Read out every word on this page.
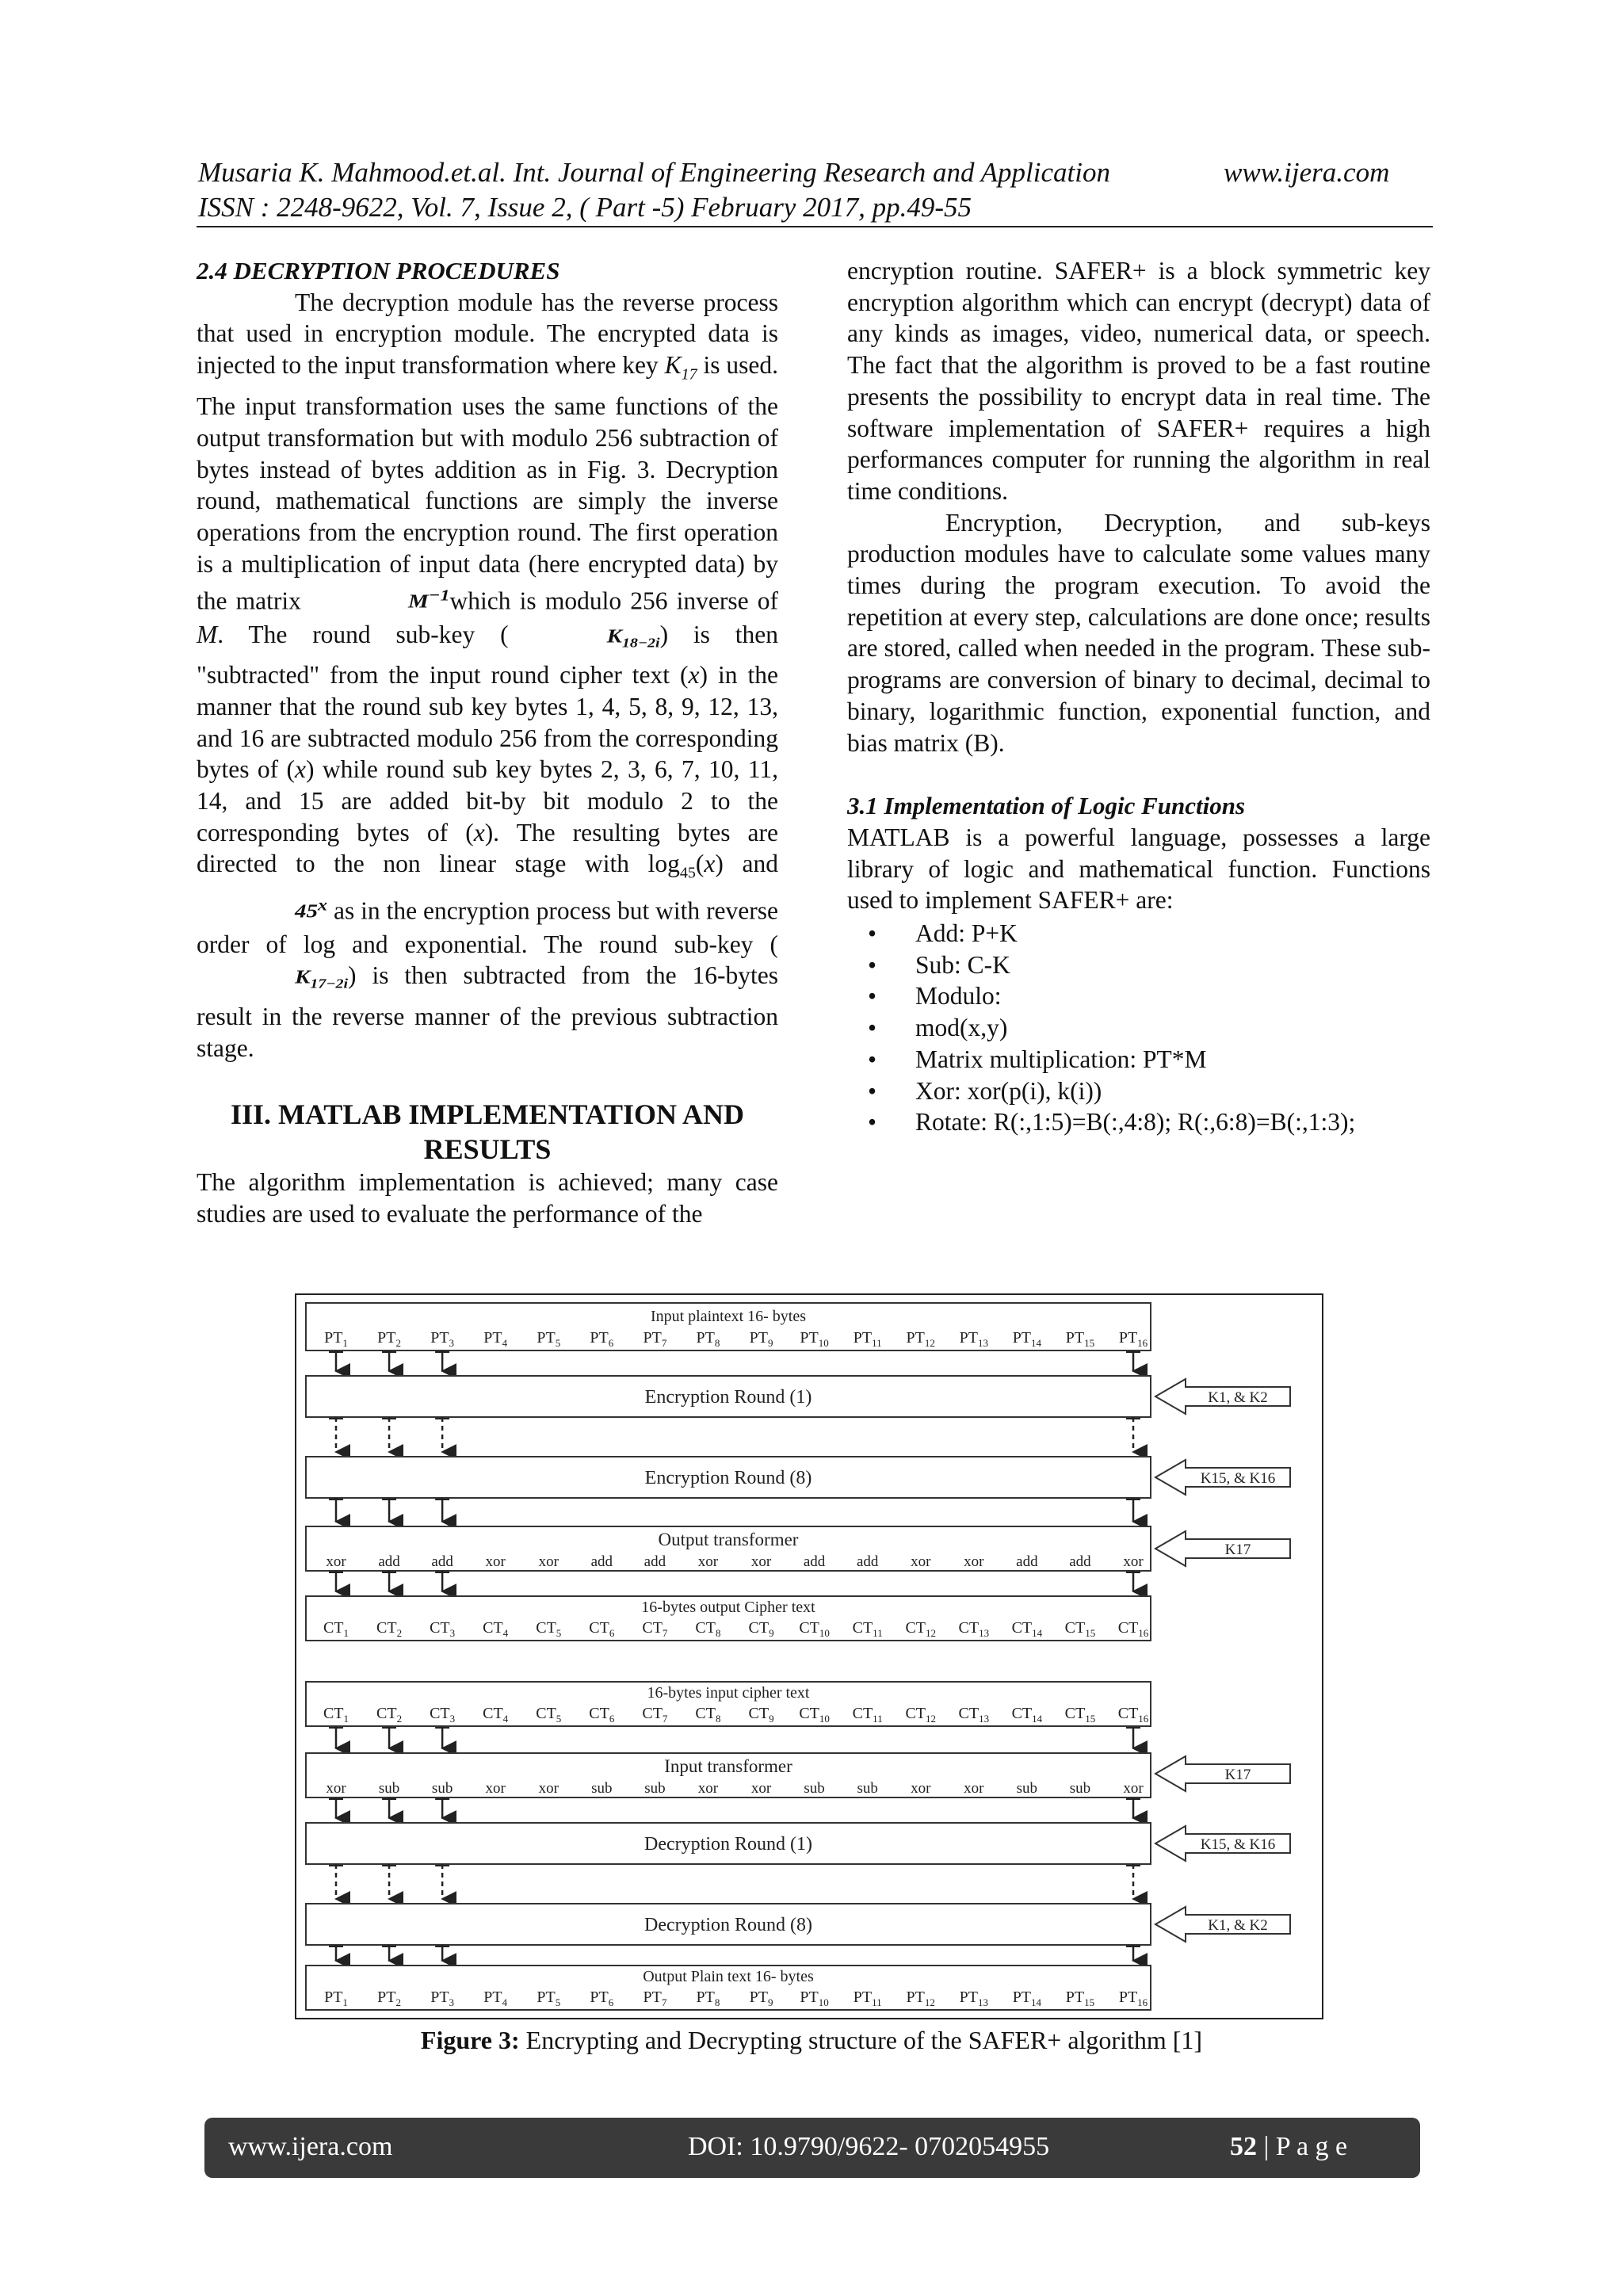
Musaria K. Mahmood.et.al. Int. Journal of Engineering Research and Application	www.ijera.com
ISSN : 2248-9622, Vol. 7, Issue 2, ( Part -5) February 2017, pp.49-55

2.4 DECRYPTION PROCEDURES

The decryption module has the reverse process that used in encryption module. The encrypted data is injected to the input transformation where key $K_{17}$ is used. The input transformation uses the same functions of the output transformation but with modulo 256 subtraction of bytes instead of bytes addition as in Fig. 3. Decryption round, mathematical functions are simply the inverse operations from the encryption round. The first operation is a multiplication of input data (here encrypted data) by the matrix	$M^{-1}which$ is modulo 256 inverse of M. The round sub-key (	$K_{18-2i}$) is then "subtracted" from the input round cipher text (x) in the manner that the round sub key bytes 1, 4, 5, 8, 9, 12, 13, and 16 are subtracted modulo 256 from the corresponding bytes of (x) while round sub key bytes 2, 3, 6, 7, 10, 11, 14, and 15 are added bit-by bit modulo 2 to the corresponding bytes of (x). The resulting bytes are directed to the non linear stage with $\log_{45}(x)$ and 45$^x$ as in the encryption process but with reverse order of log and exponential. The round sub-key $(K_{17-2i})$ is then subtracted from the 16-bytes result in the reverse manner of the previous subtraction stage.

III. MATLAB IMPLEMENTATION AND RESULTS

The algorithm implementation is achieved; many case studies are used to evaluate the performance of the

encryption routine. SAFER+ is a block symmetric key encryption algorithm which can encrypt (decrypt) data of any kinds as images, video, numerical data, or speech. The fact that the algorithm is proved to be a fast routine presents the possibility to encrypt data in real time. The software implementation of SAFER+ requires a high performances computer for running the algorithm in real time conditions.

Encryption, Decryption, and sub-keys production modules have to calculate some values many times during the program execution. To avoid the repetition at every step, calculations are done once; results are stored, called when needed in the program. These sub-programs are conversion of binary to decimal, decimal to binary, logarithmic function, exponential function, and bias matrix (B).

3.1 Implementation of Logic Functions

MATLAB is a powerful language, possesses a large library of logic and mathematical function. Functions used to implement SAFER+ are:

• Add: P+K
• Sub: C-K
• Modulo:
• mod(x,y)
• Matrix multiplication: PT*M
• Xor: xor(p(i), k(i))
• Rotate: R(:,1:5)=B(:,4:8); R(:,6:8)=B(:,1:3);
Input plaintext 16- bytes
$PT_1$ $PT_2$ $PT_3$ $PT_4$ $PT_5$ $PT_6$ $PT_7$ $PT_8$ $PT_9$ $PT_{10}$ $PT_{11}$ $PT_{12}$ $PT_{13}$ $PT_{14}$ $PT_{15}$ $PT_{16}$
Encryption Round (1)	K1, & K2
Encryption Round (8)	K15, & K16
Output transformer
xor add add xor xor add add xor xor add add xor xor add add xor
K17
16-bytes output Cipher text
$CT_1$ $CT_2$ $CT_3$ $CT_4$ $CT_5$ $CT_6$ $CT_7$ $CT_8$ $CT_9$ $CT_{10}$ $CT_{11}$ $CT_{12}$ $CT_{13}$ $CT_{14}$ $CT_{15}$ $CT_{16}$
16-bytes input cipher text
$CT_1$ $CT_2$ $CT_3$ $CT_4$ $CT_5$ $CT_6$ $CT_7$ $CT_8$ $CT_9$ $CT_{10}$ $CT_{11}$ $CT_{12}$ $CT_{13}$ $CT_{14}$ $CT_{15}$ $CT_{16}$
Input transformer
xor sub sub xor xor sub sub xor xor sub sub xor xor sub sub xor
K17
Decryption Round (1)	K15, & K16
Decryption Round (8)	K1, & K2
Output Plain text 16- bytes
$PT_1$ $PT_2$ $PT_3$ $PT_4$ $PT_5$ $PT_6$ $PT_7$ $PT_8$ $PT_9$ $PT_{10}$ $PT_{11}$ $PT_{12}$ $PT_{13}$ $PT_{14}$ $PT_{15}$ $PT_{16}$
Figure 3: Encrypting and Decrypting structure of the SAFER+ algorithm [1]
www.ijera.com	DOI: 10.9790/9622- 0702054955	52 | P a g e
